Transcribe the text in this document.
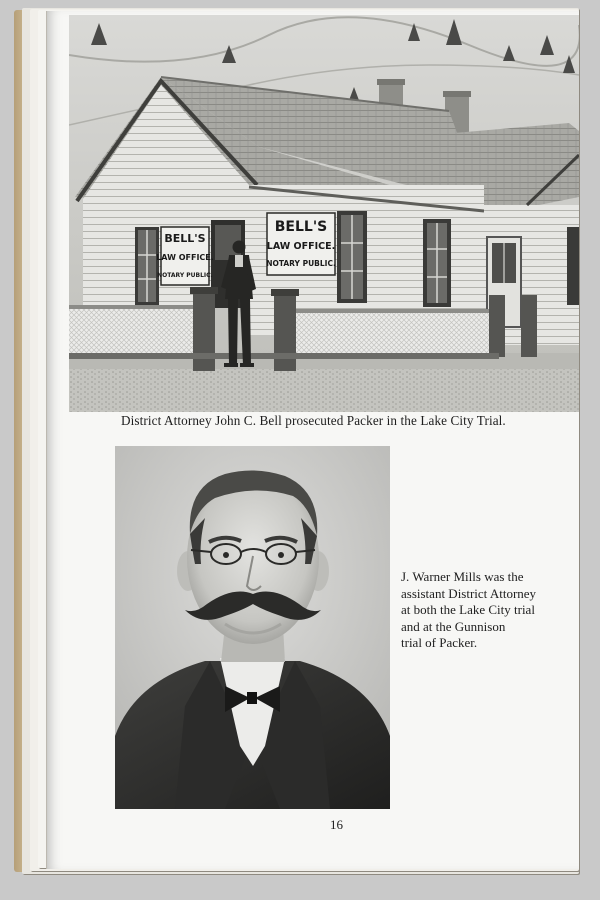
BELL'S
LAW OFFICE.
NOTARY PUBLIC.
BELL'S
LAW OFFICE.
NOTARY PUBLIC.
District Attorney John C. Bell prosecuted Packer in the Lake City Trial.
J. Warner Mills was the
assistant District Attorney
at both the Lake City trial
and at the Gunnison
trial of Packer.
16
